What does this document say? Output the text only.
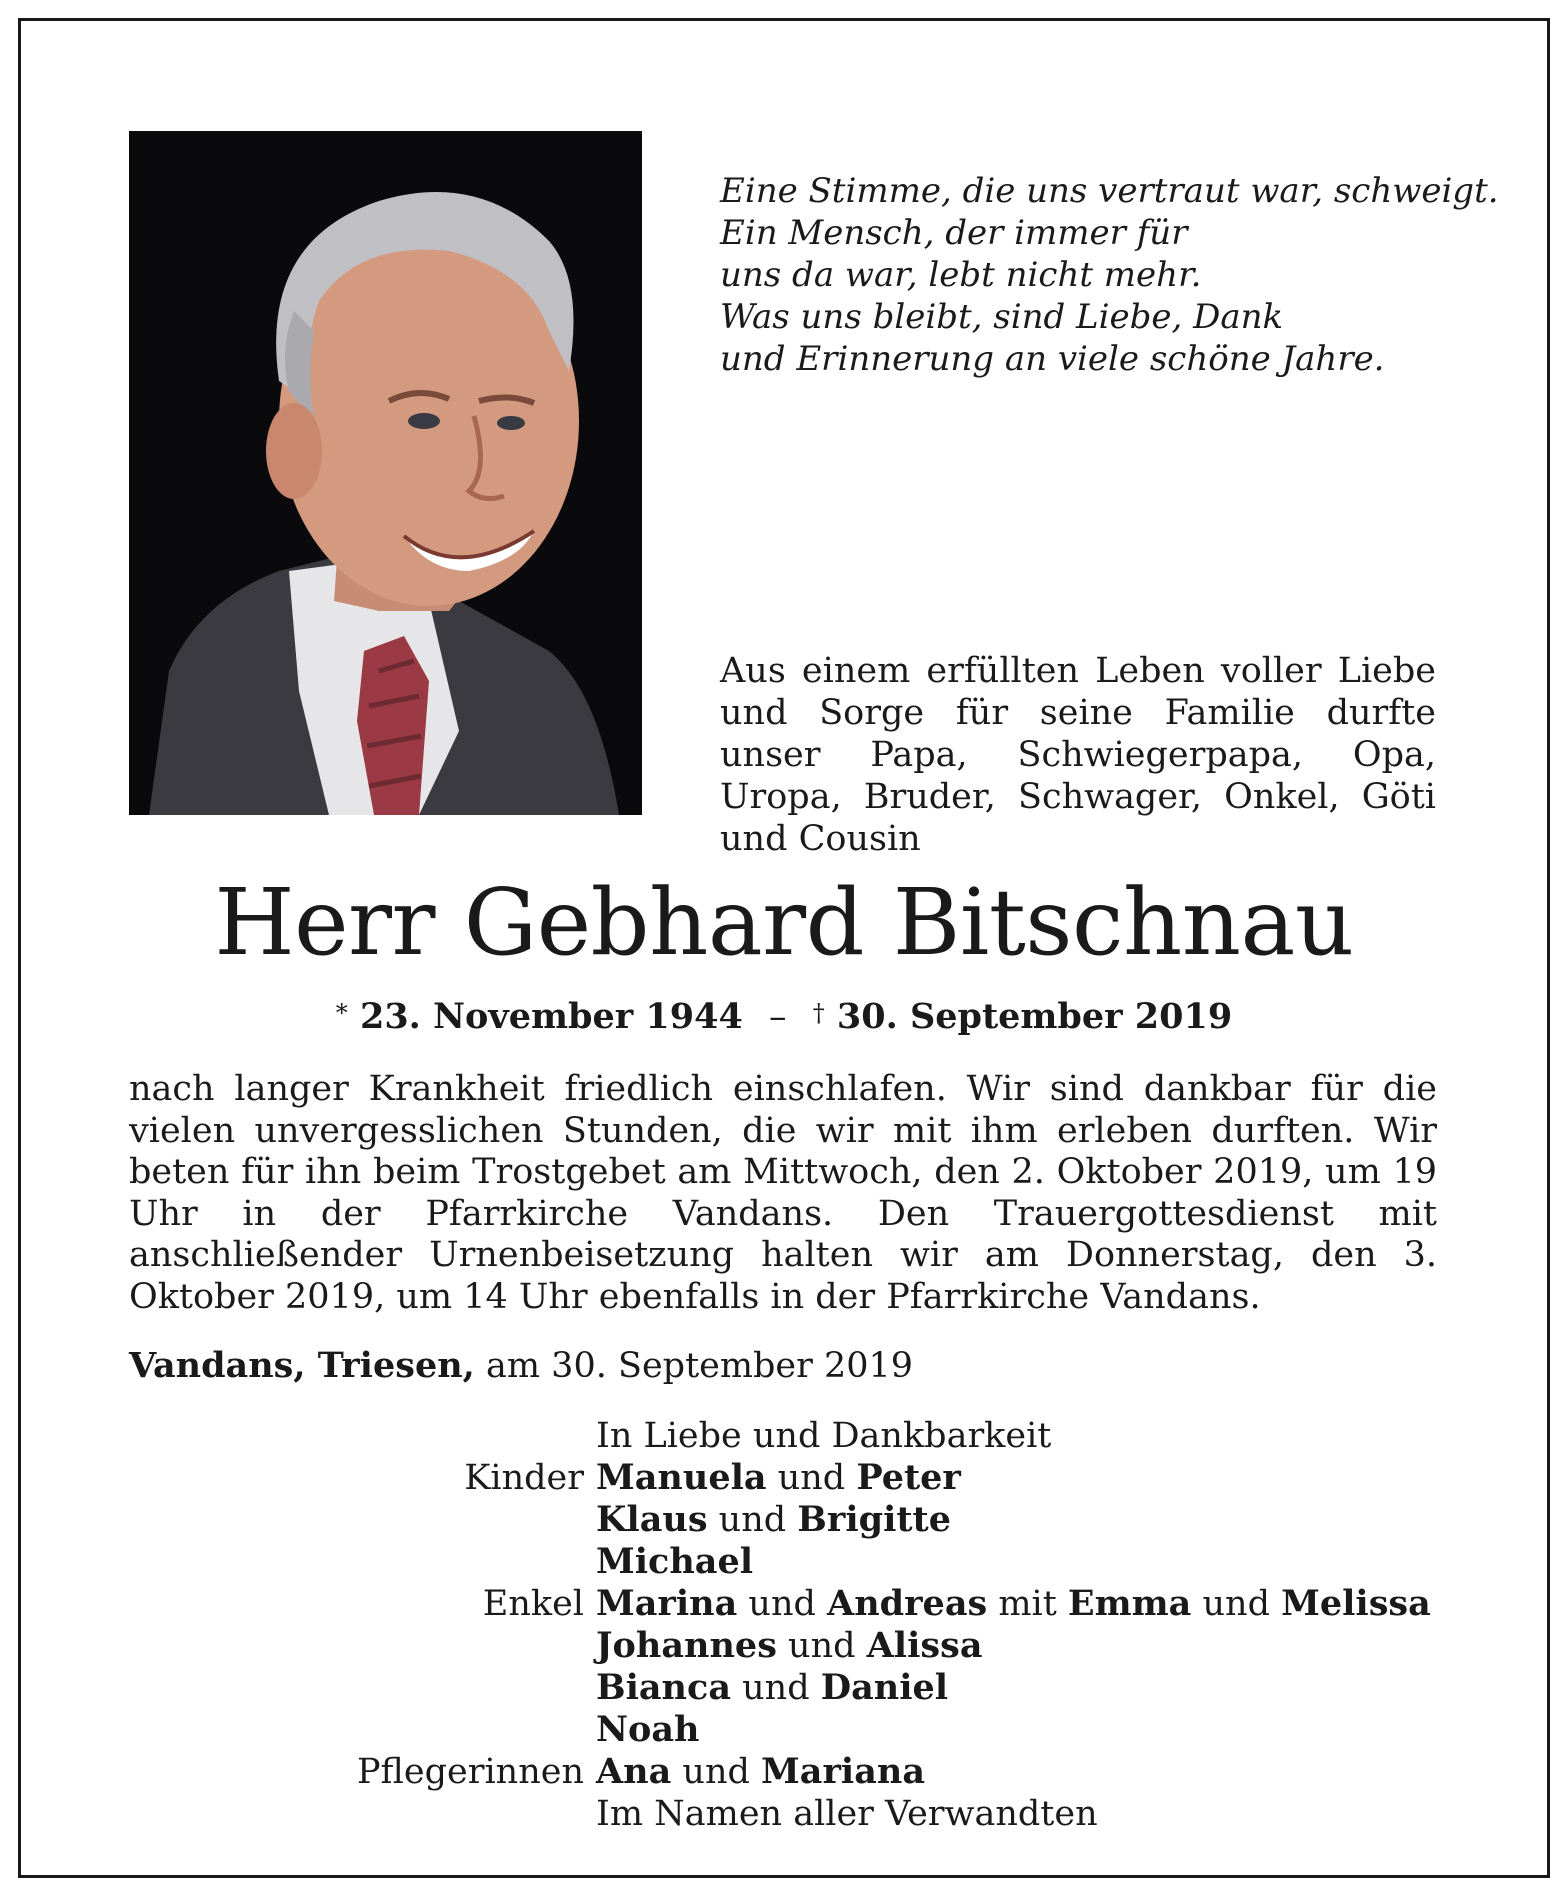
Eine Stimme, die uns vertraut war, schweigt.
Ein Mensch, der immer für
uns da war, lebt nicht mehr.
Was uns bleibt, sind Liebe, Dank
und Erinnerung an viele schöne Jahre.
Aus einem erfüllten Leben voller Liebe und Sorge für seine Familie durfte unser Papa, Schwiegerpapa, Opa, Uropa, Bruder, Schwager, Onkel, Göti und Cousin
Herr Gebhard Bitschnau
* 23. November 1944 – † 30. September 2019
nach langer Krankheit friedlich einschlafen. Wir sind dankbar für die vielen unvergesslichen Stunden, die wir mit ihm erleben durften. Wir beten für ihn beim Trostgebet am Mittwoch, den 2. Oktober 2019, um 19 Uhr in der Pfarrkirche Vandans. Den Trauergottesdienst mit anschließender Urnenbeisetzung halten wir am Donnerstag, den 3. Oktober 2019, um 14 Uhr ebenfalls in der Pfarrkirche Vandans.
Vandans, Triesen, am 30. September 2019
In Liebe und Dankbarkeit
Kinder Manuela und Peter
Klaus und Brigitte
Michael
Enkel Marina und Andreas mit Emma und Melissa
Johannes und Alissa
Bianca und Daniel
Noah
Pflegerinnen Ana und Mariana
Im Namen aller Verwandten
